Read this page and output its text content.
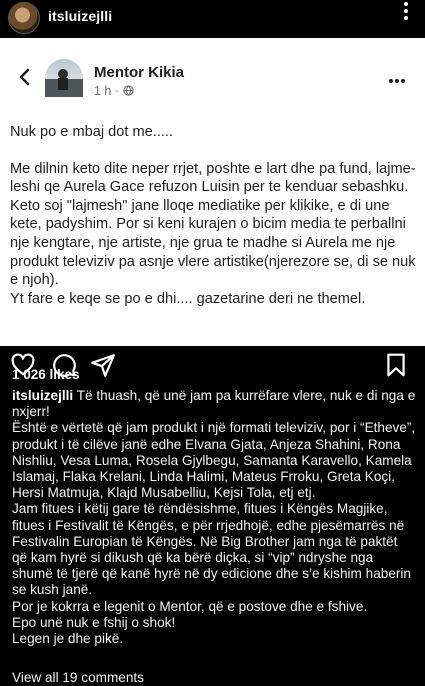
itsluizejlli
Mentor Kikia
1 h ·

Nuk po e mbaj dot me.....

Me dilnin keto dite neper rrjet, poshte e lart dhe pa fund, lajme-leshi qe Aurela Gace refuzon Luisin per te kenduar sebashku.

Keto soj "lajmesh" jane lloqe mediatike per klikike, e di une kete, padyshim. Por si keni kurajen o bicim media te perballni nje kengtare, nje artiste, nje grua te madhe si Aurela me nje produkt televiziv pa asnje vlere artistike(njerezore se, di se nuk e njoh).

Yt fare e keqe se po e dhi.... gazetarine deri ne themel.

1 026 likes

itsluizejlli Të thuash, që unë jam pa kurrëfare vlere, nuk e di nga e nxjerr!

Është e vërtetë që jam produkt i një formati televiziv, por i “Etheve”, produkt i të cilëve janë edhe Elvana Gjata, Anjeza Shahini, Rona Nishliu, Vesa Luma, Rosela Gjylbegu, Samanta Karavello, Kamela Islamaj, Flaka Krelani, Linda Halimi, Mateus Frroku, Greta Koçi, Hersi Matmuja, Klajd Musabelliu, Kejsi Tola, etj etj.

Jam fitues i këtij gare të rëndësishme, fitues i Këngës Magjike, fitues i Festivalit të Këngës, e për rrjedhojë, edhe pjesëmarrës në Festivalin Europian të Këngës. Në Big Brother jam nga të paktët që kam hyrë si dikush që ka bërë diçka, si “vip” ndryshe nga shumë të tjerë që kanë hyrë në dy edicione dhe s’e kishim haberin se kush janë.

Por je kokrra e legenit o Mentor, që e postove dhe e fshive.

Epo unë nuk e fshij o shok!

Legen je dhe pikë.

View all 19 comments
